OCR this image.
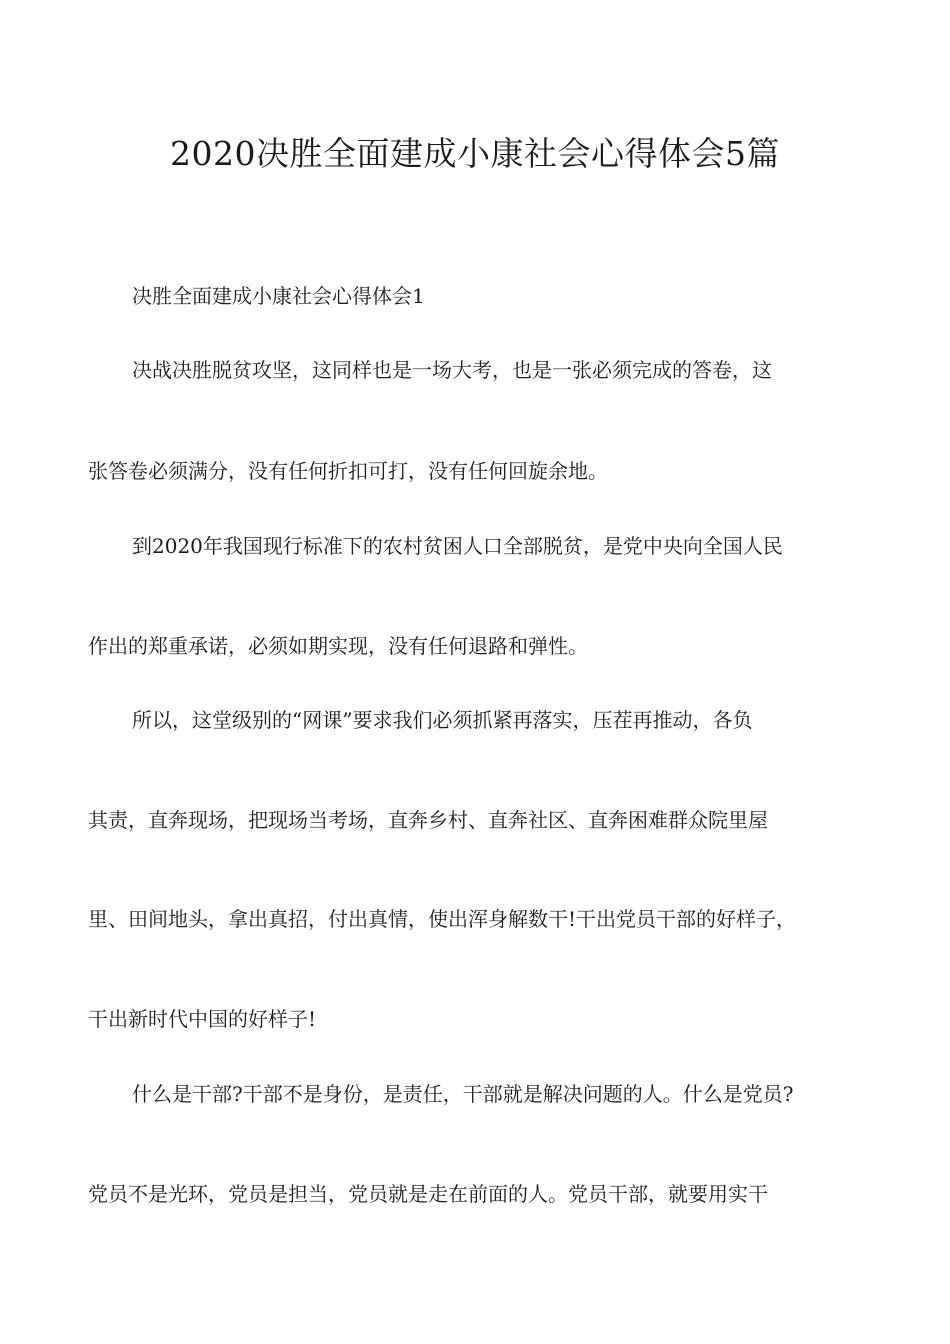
2020决胜全面建成小康社会心得体会5篇

决胜全面建成小康社会心得体会1

决战决胜脱贫攻坚，这同样也是一场大考，也是一张必须完成的答卷，这

张答卷必须满分，没有任何折扣可打，没有任何回旋余地。

到2020年我国现行标准下的农村贫困人口全部脱贫，是党中央向全国人民

作出的郑重承诺，必须如期实现，没有任何退路和弹性。

所以，这堂级别的“网课”要求我们必须抓紧再落实，压茬再推动，各负

其责，直奔现场，把现场当考场，直奔乡村、直奔社区、直奔困难群众院里屋

里、田间地头，拿出真招，付出真情，使出浑身解数干!干出党员干部的好样子，

干出新时代中国的好样子!

什么是干部?干部不是身份，是责任，干部就是解决问题的人。什么是党员?

党员不是光环，党员是担当，党员就是走在前面的人。党员干部，就要用实干
